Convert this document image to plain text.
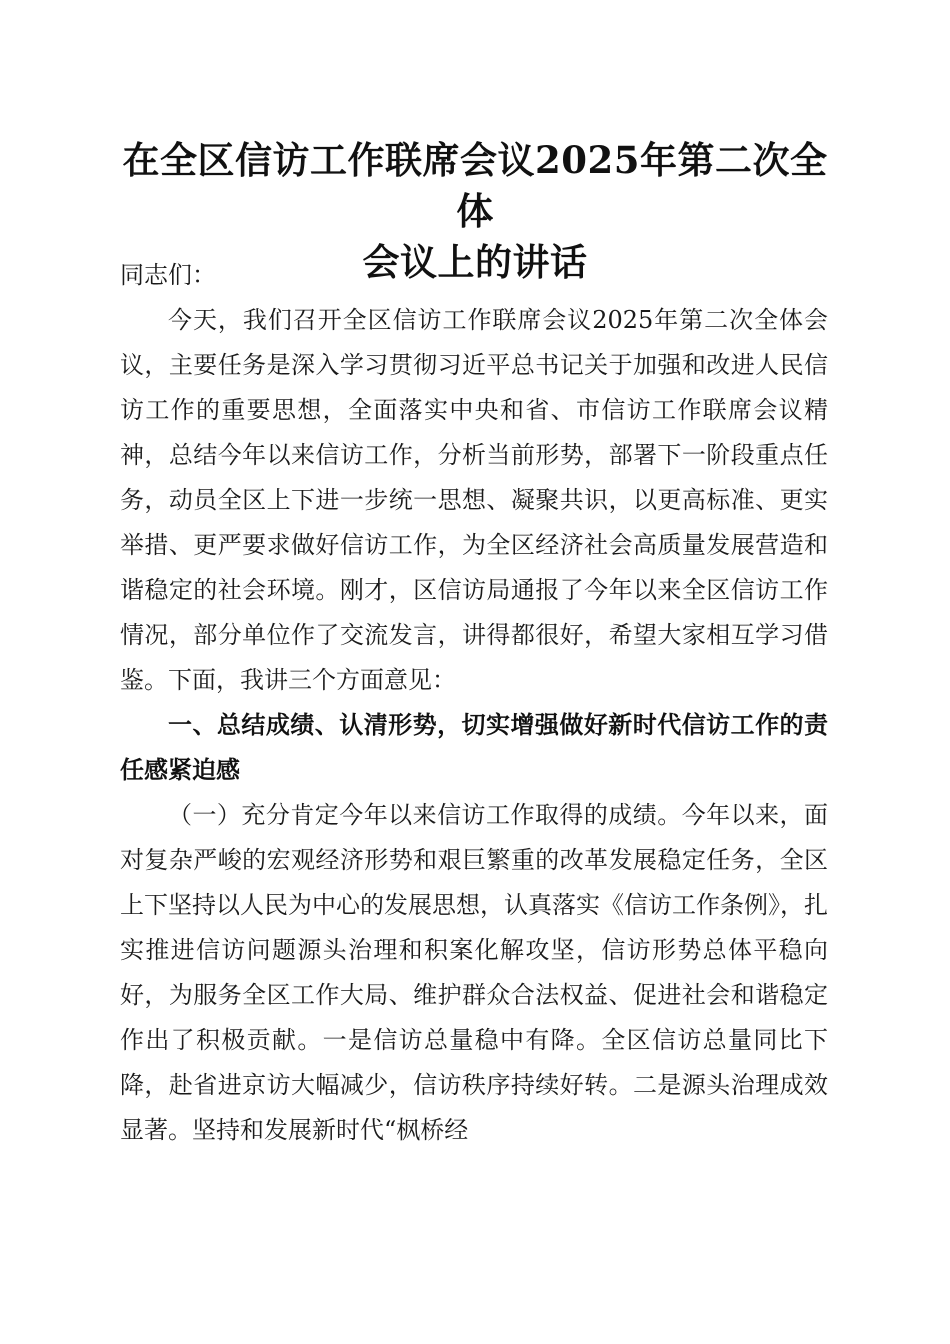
在全区信访工作联席会议2025年第二次全体
会议上的讲话

同志们：

今天，我们召开全区信访工作联席会议2025年第二次全体会议，主要任务是深入学习贯彻习近平总书记关于加强和改进人民信访工作的重要思想，全面落实中央和省、市信访工作联席会议精神，总结今年以来信访工作，分析当前形势，部署下一阶段重点任务，动员全区上下进一步统一思想、凝聚共识，以更高标准、更实举措、更严要求做好信访工作，为全区经济社会高质量发展营造和谐稳定的社会环境。刚才，区信访局通报了今年以来全区信访工作情况，部分单位作了交流发言，讲得都很好，希望大家相互学习借鉴。下面，我讲三个方面意见：

一、总结成绩、认清形势，切实增强做好新时代信访工作的责任感紧迫感

（一）充分肯定今年以来信访工作取得的成绩。今年以来，面对复杂严峻的宏观经济形势和艰巨繁重的改革发展稳定任务，全区上下坚持以人民为中心的发展思想，认真落实《信访工作条例》，扎实推进信访问题源头治理和积案化解攻坚，信访形势总体平稳向好，为服务全区工作大局、维护群众合法权益、促进社会和谐稳定作出了积极贡献。一是信访总量稳中有降。全区信访总量同比下降，赴省进京访大幅减少，信访秩序持续好转。二是源头治理成效显著。坚持和发展新时代“枫桥经
